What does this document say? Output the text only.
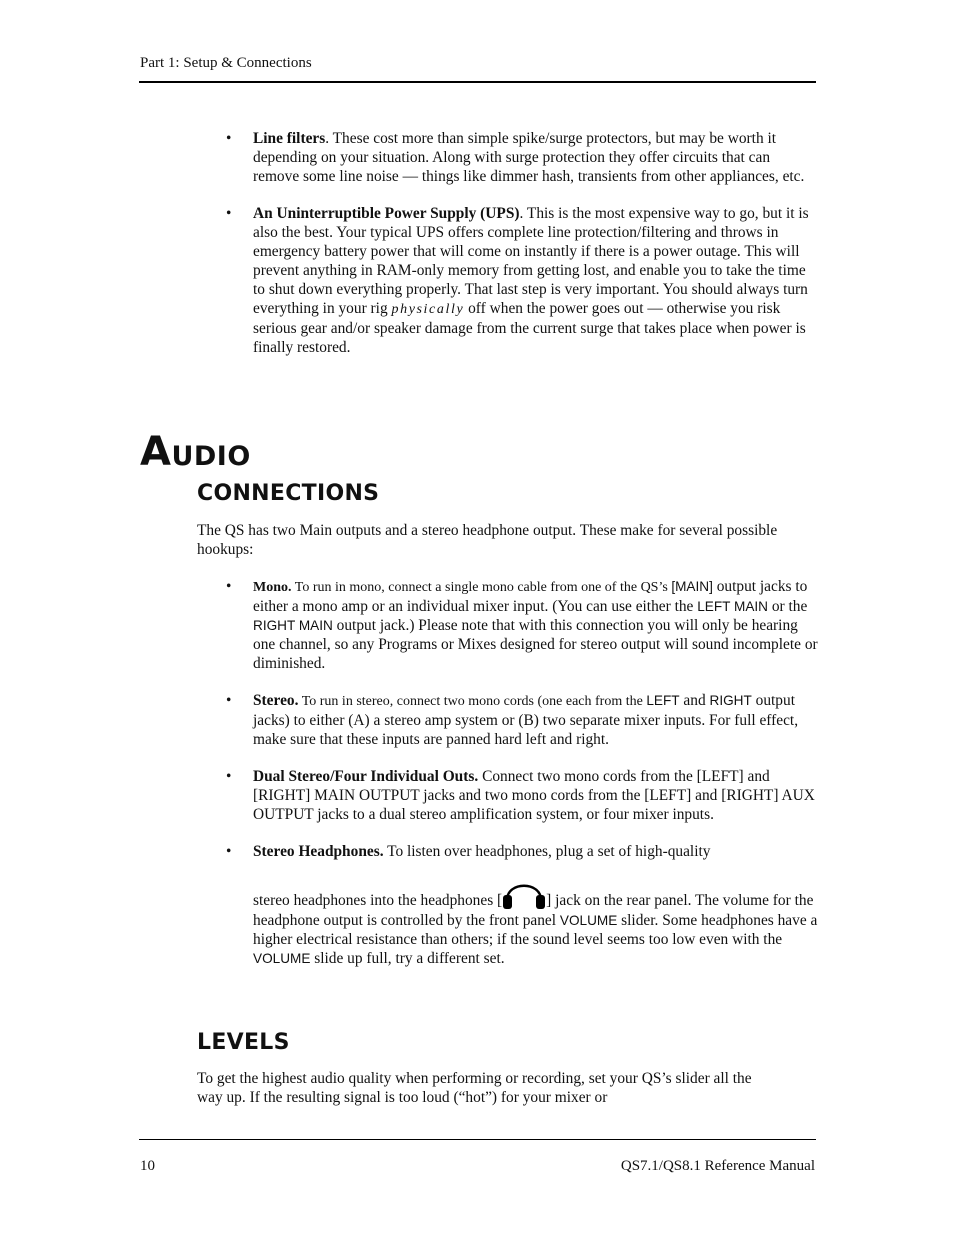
Part 1: Setup & Connections
• Line filters. These cost more than simple spike/surge protectors, but may be worth it depending on your situation. Along with surge protection they offer circuits that can remove some line noise — things like dimmer hash, transients from other appliances, etc.
• An Uninterruptible Power Supply (UPS). This is the most expensive way to go, but it is also the best. Your typical UPS offers complete line protection/filtering and throws in emergency battery power that will come on instantly if there is a power outage. This will prevent anything in RAM-only memory from getting lost, and enable you to take the time to shut down everything properly. That last step is very important. You should always turn everything in your rig physically off when the power goes out — otherwise you risk serious gear and/or speaker damage from the current surge that takes place when power is finally restored.
AUDIO
CONNECTIONS
The QS has two Main outputs and a stereo headphone output. These make for several possible hookups:
• Mono. To run in mono, connect a single mono cable from one of the QS’s [MAIN] output jacks to either a mono amp or an individual mixer input. (You can use either the LEFT MAIN or the RIGHT MAIN output jack.) Please note that with this connection you will only be hearing one channel, so any Programs or Mixes designed for stereo output will sound incomplete or diminished.
• Stereo. To run in stereo, connect two mono cords (one each from the LEFT and RIGHT output jacks) to either (A) a stereo amp system or (B) two separate mixer inputs. For full effect, make sure that these inputs are panned hard left and right.
• Dual Stereo/Four Individual Outs. Connect two mono cords from the [LEFT] and [RIGHT] MAIN OUTPUT jacks and two mono cords from the [LEFT] and [RIGHT] AUX OUTPUT jacks to a dual stereo amplification system, or four mixer inputs.
• Stereo Headphones. To listen over headphones, plug a set of high-quality
stereo headphones into the headphones [	] jack on the rear panel. The volume for the headphone output is controlled by the front panel VOLUME slider. Some headphones have a higher electrical resistance than others; if the sound level seems too low even with the VOLUME slide up full, try a different set.
LEVELS
To get the highest audio quality when performing or recording, set your QS’s slider all the way up. If the resulting signal is too loud (“hot”) for your mixer or
10	QS7.1/QS8.1 Reference Manual
